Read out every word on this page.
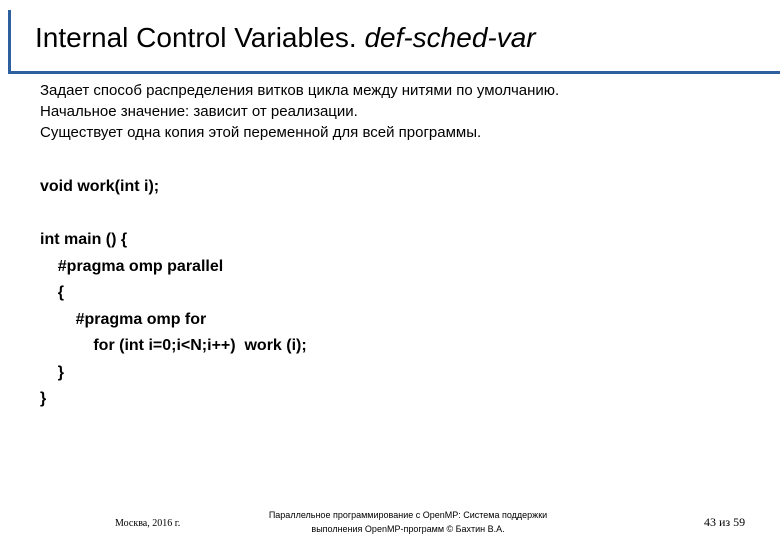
Internal Control Variables. def-sched-var
Задает способ распределения витков цикла между нитями по умолчанию.
Начальное значение: зависит от реализации.
Существует одна копия этой переменной для всей программы.
void work(int i);
int main () {
#pragma omp parallel
{
#pragma omp for
for (int i=0;i<N;i++)  work (i);
}
}
Москва, 2016 г.
Параллельное программирование с OpenMP: Система поддержки
выполнения OpenMP-программ © Бахтин В.А.	43 из 59
